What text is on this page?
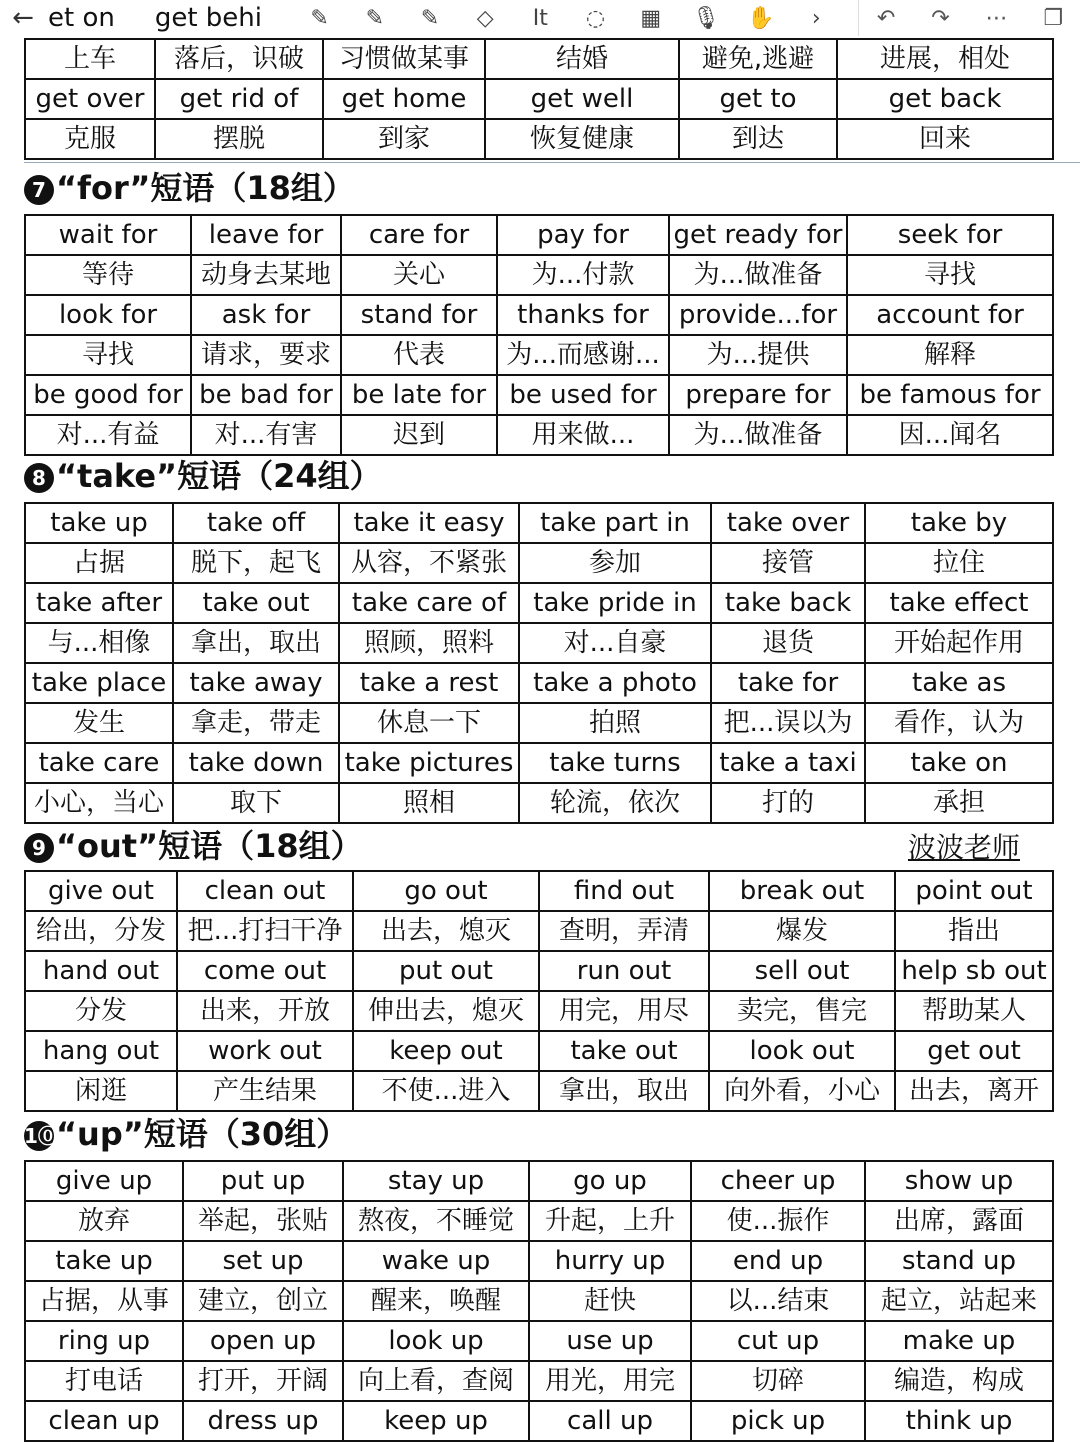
← et on get behi	✎	✎	✎	◇	It	◌	▦	🎙 ✋	›	↶ ↷ ⋯ ❐
上车	落后，识破	习惯做某事	结婚	避免,逃避	进展，相处
get over	get rid of	get home	get well	get to	get back
克服	摆脱	到家	恢复健康	到达	回来
7 “for”短语（18组）
wait for	leave for	care for	pay for	get ready for	seek for
等待	动身去某地	关心	为...付款	为...做准备	寻找
look for	ask for	stand for	thanks for	provide...for	account for
寻找	请求，要求	代表	为...而感谢...	为...提供	解释
be good for	be bad for	be late for	be used for	prepare for	be famous for
对...有益	对...有害	迟到	用来做...	为...做准备	因...闻名
8 “take”短语（24组）
take up	take off	take it easy	take part in	take over	take by
占据	脱下，起飞	从容，不紧张	参加	接管	拉住
take after	take out	take care of	take pride in	take back	take effect
与...相像	拿出，取出	照顾，照料	对...自豪	退货	开始起作用
take place	take away	take a rest	take a photo	take for	take as
发生	拿走，带走	休息一下	拍照	把...误以为	看作，认为
take care	take down	take pictures	take turns	take a taxi	take on
小心，当心	取下	照相	轮流，依次	打的	承担
9 “out”短语（18组）	波波老师
give out	clean out	go out	find out	break out	point out
给出，分发	把...打扫干净	出去，熄灭	查明，弄清	爆发	指出
hand out	come out	put out	run out	sell out	help sb out
分发	出来，开放	伸出去，熄灭	用完，用尽	卖完，售完	帮助某人
hang out	work out	keep out	take out	look out	get out
闲逛	产生结果	不使...进入	拿出，取出	向外看，小心	出去，离开
1⓪“up”短语（30组）
give up	put up	stay up	go up	cheer up	show up
放弃	举起，张贴	熬夜，不睡觉	升起，上升	使...振作	出席，露面
take up	set up	wake up	hurry up	end up	stand up
占据，从事	建立，创立	醒来，唤醒	赶快	以...结束	起立，站起来
ring up	open up	look up	use up	cut up	make up
打电话	打开，开阔	向上看，查阅	用光，用完	切碎	编造，构成
clean up	dress up	keep up	call up	pick up	think up
